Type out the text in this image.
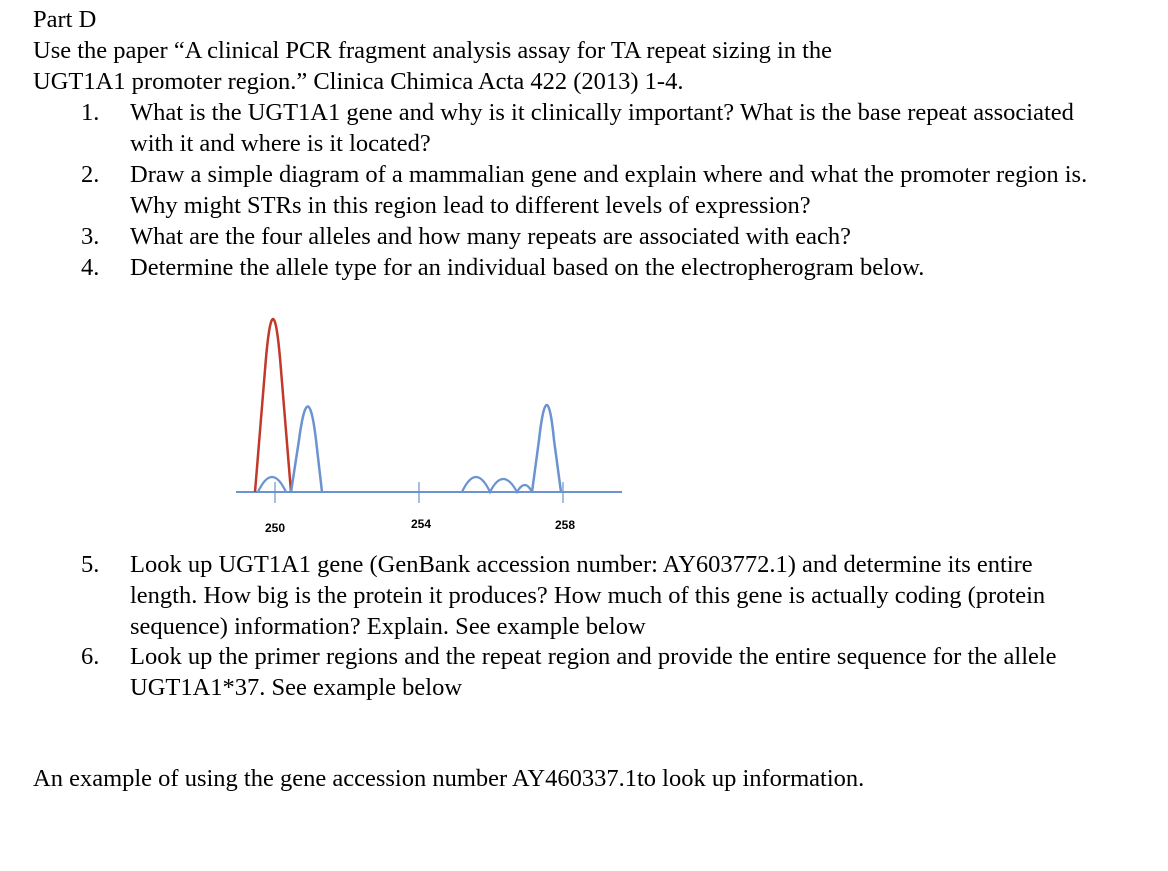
Part D
Use the paper “A clinical PCR fragment analysis assay for TA repeat sizing in the
UGT1A1 promoter region.” Clinica Chimica Acta 422 (2013) 1-4.
1. What is the UGT1A1 gene and why is it clinically important? What is the base repeat associated
with it and where is it located?
2. Draw a simple diagram of a mammalian gene and explain where and what the promoter region is.
Why might STRs in this region lead to different levels of expression?
3. What are the four alleles and how many repeats are associated with each?
4. Determine the allele type for an individual based on the electropherogram below.
250	254	258
5. Look up UGT1A1 gene (GenBank accession number: AY603772.1) and determine its entire
length. How big is the protein it produces? How much of this gene is actually coding (protein
sequence) information? Explain. See example below
6. Look up the primer regions and the repeat region and provide the entire sequence for the allele
UGT1A1*37. See example below
An example of using the gene accession number AY460337.1to look up information.
